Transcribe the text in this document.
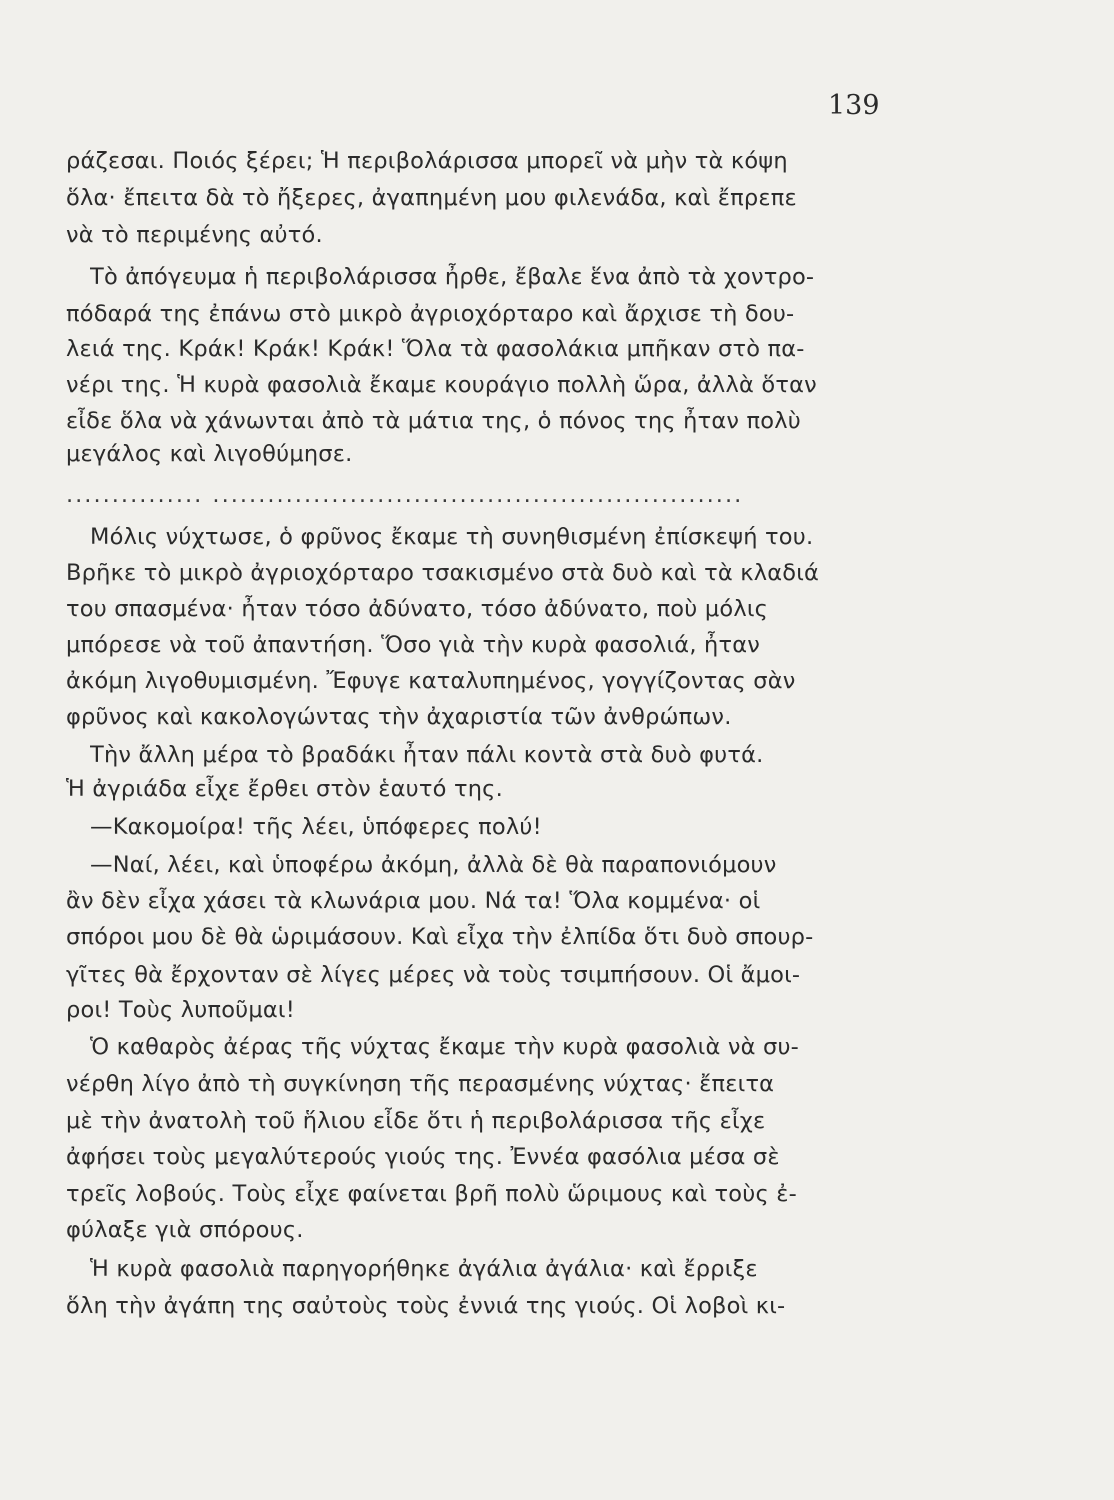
139
ράζεσαι. Ποιός ξέρει; Ἡ περιβολάρισσα μπορεῖ νὰ μὴν τὰ κόψη
ὅλα· ἔπειτα δὰ τὸ ἤξερες, ἀγαπημένη μου φιλενάδα, καὶ ἔπρεπε
νὰ τὸ περιμένης αὐτό.
Τὸ ἀπόγευμα ἡ περιβολάρισσα ἦρθε, ἔβαλε ἕνα ἀπὸ τὰ χοντρο-
πόδαρά της ἐπάνω στὸ μικρὸ ἀγριοχόρταρο καὶ ἄρχισε τὴ δου-
λειά της. Κράκ! Κράκ! Κράκ! Ὅλα τὰ φασολάκια μπῆκαν στὸ πα-
νέρι της. Ἡ κυρὰ φασολιὰ ἔκαμε κουράγιο πολλὴ ὥρα, ἀλλὰ ὅταν
εἶδε ὅλα νὰ χάνωνται ἀπὸ τὰ μάτια της, ὁ πόνος της ἦταν πολὺ
μεγάλος καὶ λιγοθύμησε.
............... ..........................................................
Μόλις νύχτωσε, ὁ φρῦνος ἔκαμε τὴ συνηθισμένη ἐπίσκεψή του.
Βρῆκε τὸ μικρὸ ἀγριοχόρταρο τσακισμένο στὰ δυὸ καὶ τὰ κλαδιά
του σπασμένα· ἦταν τόσο ἀδύνατο, τόσο ἀδύνατο, ποὺ μόλις
μπόρεσε νὰ τοῦ ἀπαντήση. Ὅσο γιὰ τὴν κυρὰ φασολιά, ἦταν
ἀκόμη λιγοθυμισμένη. Ἔφυγε καταλυπημένος, γογγίζοντας σὰν
φρῦνος καὶ κακολογώντας τὴν ἀχαριστία τῶν ἀνθρώπων.
Τὴν ἄλλη μέρα τὸ βραδάκι ἦταν πάλι κοντὰ στὰ δυὸ φυτά.
Ἡ ἀγριάδα εἶχε ἔρθει στὸν ἑαυτό της.
—Κακομοίρα! τῆς λέει, ὑπόφερες πολύ!
—Ναί, λέει, καὶ ὑποφέρω ἀκόμη, ἀλλὰ δὲ θὰ παραπονιόμουν
ἂν δὲν εἶχα χάσει τὰ κλωνάρια μου. Νά τα! Ὅλα κομμένα· οἱ
σπόροι μου δὲ θὰ ὡριμάσουν. Καὶ εἶχα τὴν ἐλπίδα ὅτι δυὸ σπουρ-
γῖτες θὰ ἔρχονταν σὲ λίγες μέρες νὰ τοὺς τσιμπήσουν. Οἱ ἄμοι-
ροι! Τοὺς λυποῦμαι!
Ὁ καθαρὸς ἀέρας τῆς νύχτας ἔκαμε τὴν κυρὰ φασολιὰ νὰ συ-
νέρθη λίγο ἀπὸ τὴ συγκίνηση τῆς περασμένης νύχτας· ἔπειτα
μὲ τὴν ἀνατολὴ τοῦ ἥλιου εἶδε ὅτι ἡ περιβολάρισσα τῆς εἶχε
ἀφήσει τοὺς μεγαλύτερούς γιούς της. Ἐννέα φασόλια μέσα σὲ
τρεῖς λοβούς. Τοὺς εἶχε φαίνεται βρῆ πολὺ ὥριμους καὶ τοὺς ἐ-
φύλαξε γιὰ σπόρους.
Ἡ κυρὰ φασολιὰ παρηγορήθηκε ἀγάλια ἀγάλια· καὶ ἔρριξε
ὅλη τὴν ἀγάπη της σαὐτοὺς τοὺς ἐννιά της γιούς. Οἱ λοβοὶ κι-
